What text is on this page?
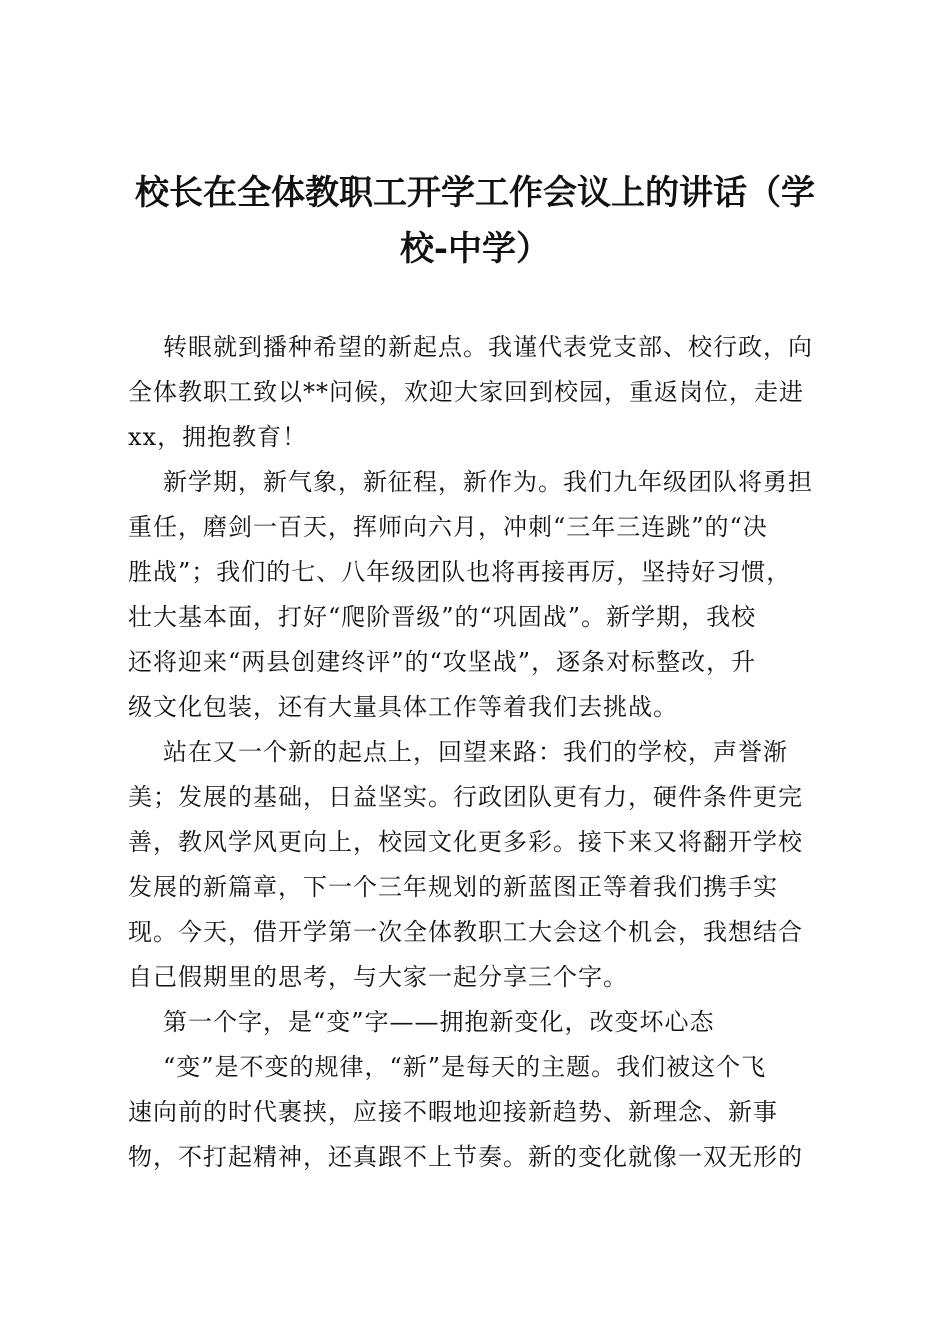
校长在全体教职工开学工作会议上的讲话（学
校-中学）
转眼就到播种希望的新起点。我谨代表党支部、校行政，向
全体教职工致以**问候，欢迎大家回到校园，重返岗位，走进
xx，拥抱教育！
新学期，新气象，新征程，新作为。我们九年级团队将勇担
重任，磨剑一百天，挥师向六月，冲刺“三年三连跳”的“决
胜战”；我们的七、八年级团队也将再接再厉，坚持好习惯，
壮大基本面，打好“爬阶晋级”的“巩固战”。新学期，我校
还将迎来“两县创建终评”的“攻坚战”，逐条对标整改，升
级文化包装，还有大量具体工作等着我们去挑战。
站在又一个新的起点上，回望来路：我们的学校，声誉渐
美；发展的基础，日益坚实。行政团队更有力，硬件条件更完
善，教风学风更向上，校园文化更多彩。接下来又将翻开学校
发展的新篇章，下一个三年规划的新蓝图正等着我们携手实
现。今天，借开学第一次全体教职工大会这个机会，我想结合
自己假期里的思考，与大家一起分享三个字。
第一个字，是“变”字——拥抱新变化，改变坏心态
“变”是不变的规律，“新”是每天的主题。我们被这个飞
速向前的时代裹挟，应接不暇地迎接新趋势、新理念、新事
物，不打起精神，还真跟不上节奏。新的变化就像一双无形的
